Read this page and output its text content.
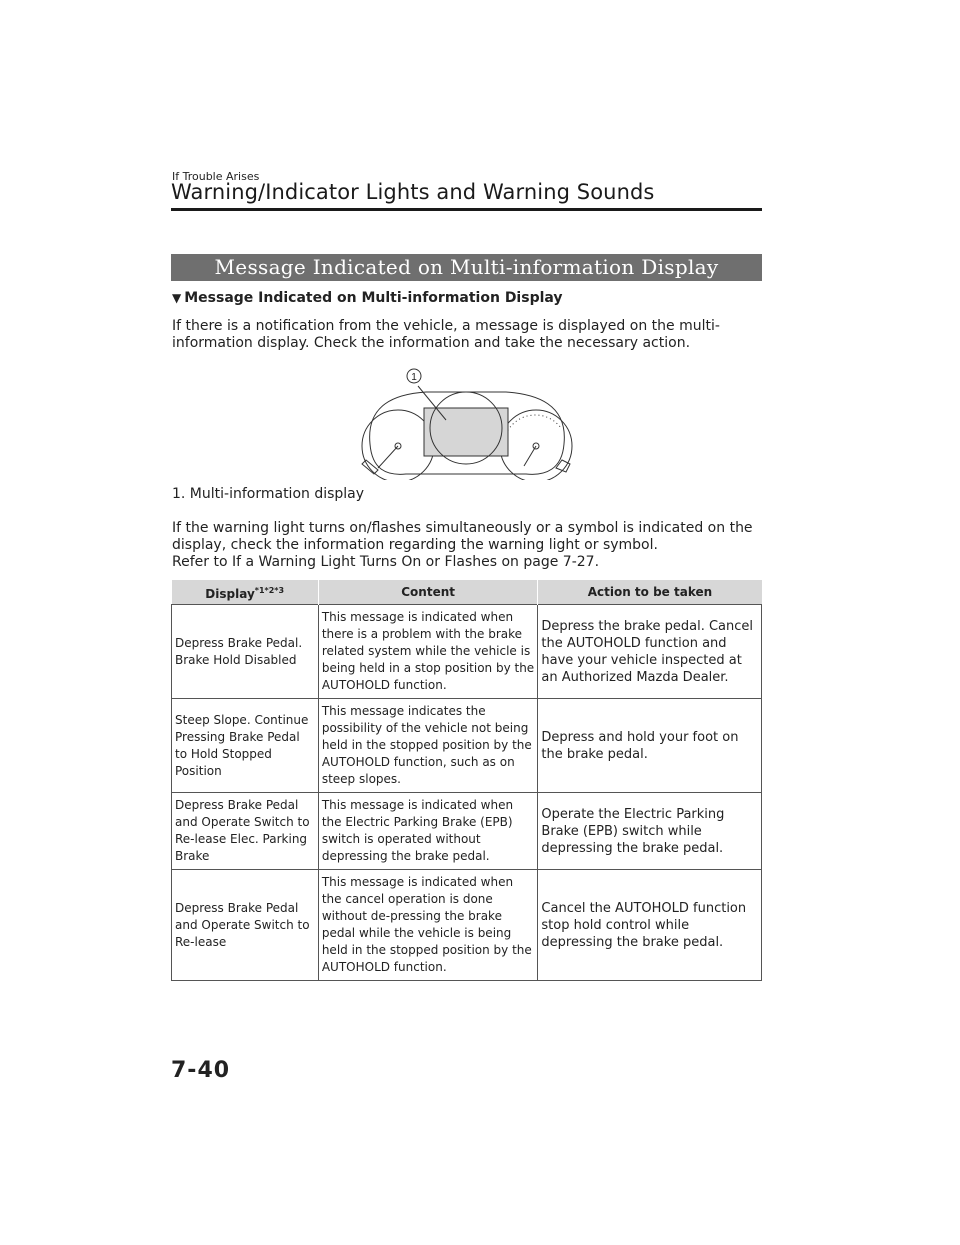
If Trouble Arises
Warning/Indicator Lights and Warning Sounds
Message Indicated on Multi-information Display
▼ Message Indicated on Multi-information Display
If there is a notification from the vehicle, a message is displayed on the multi-information display. Check the information and take the necessary action.
1
1. Multi-information display
If the warning light turns on/flashes simultaneously or a symbol is indicated on the
display, check the information regarding the warning light or symbol.
Refer to If a Warning Light Turns On or Flashes on page 7-27.
Display$^{*1*2*3}$	Content	Action to be taken
Depress Brake Pedal. Brake Hold Disabled	This message is indicated when there is a problem with the brake related system while the vehicle is being held in a stop position by the AUTOHOLD function.	Depress the brake pedal. Cancel the AUTOHOLD function and have your vehicle inspected at an Authorized Mazda Dealer.
Steep Slope. Continue Pressing Brake Pedal to Hold Stopped Position	This message indicates the possibility of the vehicle not being held in the stopped position by the AUTOHOLD function, such as on steep slopes.	Depress and hold your foot on the brake pedal.
Depress Brake Pedal and Operate Switch to Re-lease Elec. Parking Brake	This message is indicated when the Electric Parking Brake (EPB) switch is operated without depressing the brake pedal.	Operate the Electric Parking Brake (EPB) switch while depressing the brake pedal.
Depress Brake Pedal and Operate Switch to Re-lease	This message is indicated when the cancel operation is done without de-pressing the brake pedal while the vehicle is being held in the stopped position by the AUTOHOLD function.	Cancel the AUTOHOLD function stop hold control while depressing the brake pedal.
7-40
